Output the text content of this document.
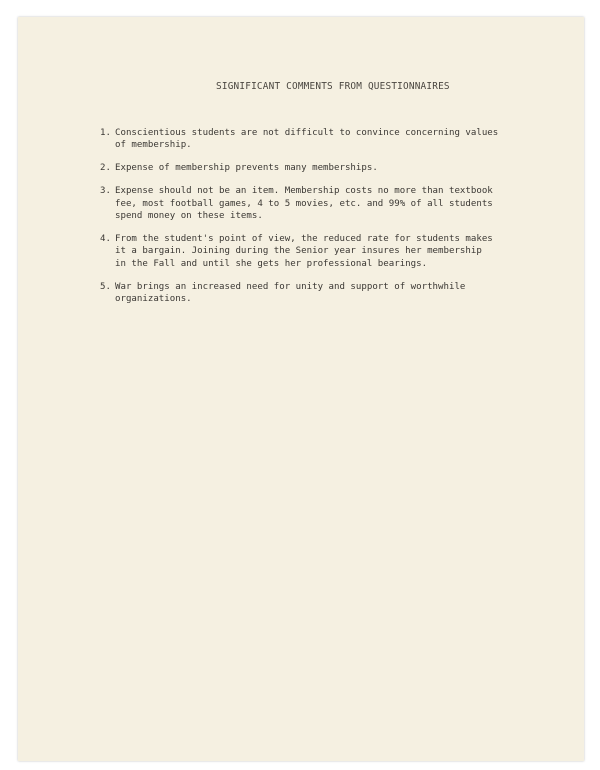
SIGNIFICANT COMMENTS FROM QUESTIONNAIRES
1. Conscientious students are not difficult to convince concerning values
of membership.
2. Expense of membership prevents many memberships.
3. Expense should not be an item. Membership costs no more than textbook
fee, most football games, 4 to 5 movies, etc. and 99% of all students
spend money on these items.
4. From the student's point of view, the reduced rate for students makes
it a bargain. Joining during the Senior year insures her membership
in the Fall and until she gets her professional bearings.
5. War brings an increased need for unity and support of worthwhile
organizations.
